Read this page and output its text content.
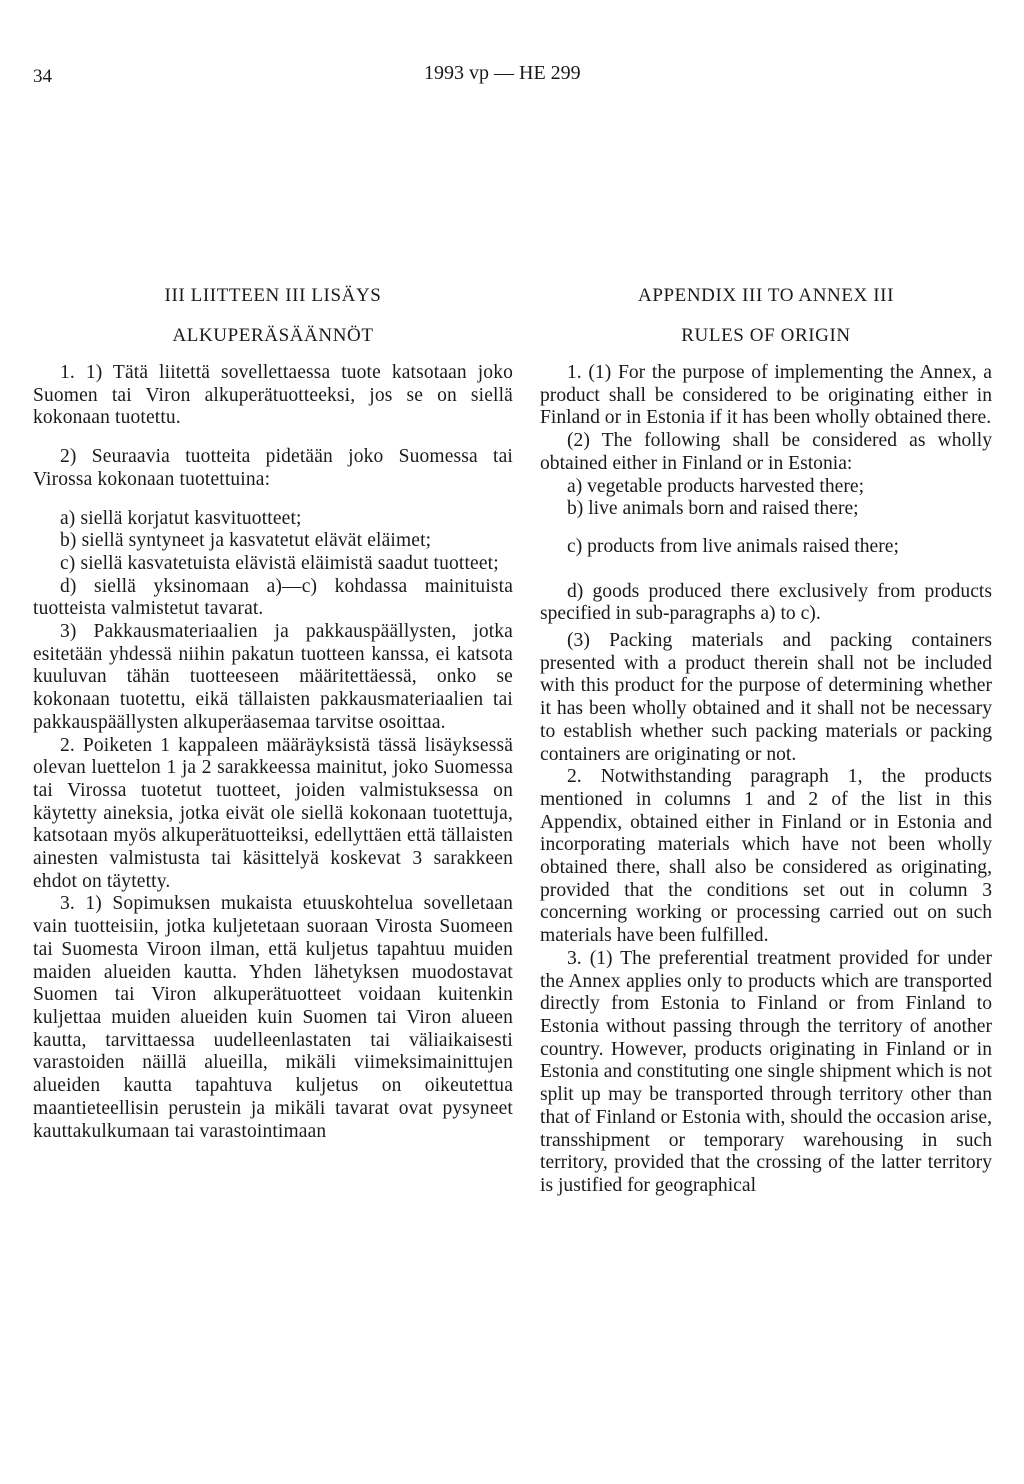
34	1993 vp — HE 299
III LIITTEEN III LISÄYS
ALKUPERÄSÄÄNNÖT

1. 1) Tätä liitettä sovellettaessa tuote katsotaan joko Suomen tai Viron alkuperätuotteeksi, jos se on siellä kokonaan tuotettu.

2) Seuraavia tuotteita pidetään joko Suomessa tai Virossa kokonaan tuotettuina:

a) siellä korjatut kasvituotteet;

b) siellä syntyneet ja kasvatetut elävät eläimet;

c) siellä kasvatetuista elävistä eläimistä saadut tuotteet;

d) siellä yksinomaan a)—c) kohdassa mainituista tuotteista valmistetut tavarat.

3) Pakkausmateriaalien ja pakkauspäällysten, jotka esitetään yhdessä niihin pakatun tuotteen kanssa, ei katsota kuuluvan tähän tuotteeseen määritettäessä, onko se kokonaan tuotettu, eikä tällaisten pakkausmateriaalien tai pakkauspäällysten alkuperäasemaa tarvitse osoittaa.

2. Poiketen 1 kappaleen määräyksistä tässä lisäyksessä olevan luettelon 1 ja 2 sarakkeessa mainitut, joko Suomessa tai Virossa tuotetut tuotteet, joiden valmistuksessa on käytetty aineksia, jotka eivät ole siellä kokonaan tuotettuja, katsotaan myös alkuperätuotteiksi, edellyttäen että tällaisten ainesten valmistusta tai käsittelyä koskevat 3 sarakkeen ehdot on täytetty.

3. 1) Sopimuksen mukaista etuuskohtelua sovelletaan vain tuotteisiin, jotka kuljetetaan suoraan Virosta Suomeen tai Suomesta Viroon ilman, että kuljetus tapahtuu muiden maiden alueiden kautta. Yhden lähetyksen muodostavat Suomen tai Viron alkuperätuotteet voidaan kuitenkin kuljettaa muiden alueiden kuin Suomen tai Viron alueen kautta, tarvittaessa uudelleenlastaten tai väliaikaisesti varastoiden näillä alueilla, mikäli viimeksimainittujen alueiden kautta tapahtuva kuljetus on oikeutettua maantieteellisin perustein ja mikäli tavarat ovat pysyneet kauttakulkumaan tai varastointimaan

APPENDIX III TO ANNEX III
RULES OF ORIGIN

1. (1) For the purpose of implementing the Annex, a product shall be considered to be originating either in Finland or in Estonia if it has been wholly obtained there.

(2) The following shall be considered as wholly obtained either in Finland or in Estonia:

a) vegetable products harvested there;

b) live animals born and raised there;

c) products from live animals raised there;

d) goods produced there exclusively from products specified in sub-paragraphs a) to c).

(3) Packing materials and packing containers presented with a product therein shall not be included with this product for the purpose of determining whether it has been wholly obtained and it shall not be necessary to establish whether such packing materials or packing containers are originating or not.

2. Notwithstanding paragraph 1, the products mentioned in columns 1 and 2 of the list in this Appendix, obtained either in Finland or in Estonia and incorporating materials which have not been wholly obtained there, shall also be considered as originating, provided that the conditions set out in column 3 concerning working or processing carried out on such materials have been fulfilled.

3. (1) The preferential treatment provided for under the Annex applies only to products which are transported directly from Estonia to Finland or from Finland to Estonia without passing through the territory of another country. However, products originating in Finland or in Estonia and constituting one single shipment which is not split up may be transported through territory other than that of Finland or Estonia with, should the occasion arise, transshipment or temporary warehousing in such territory, provided that the crossing of the latter territory is justified for geographical
